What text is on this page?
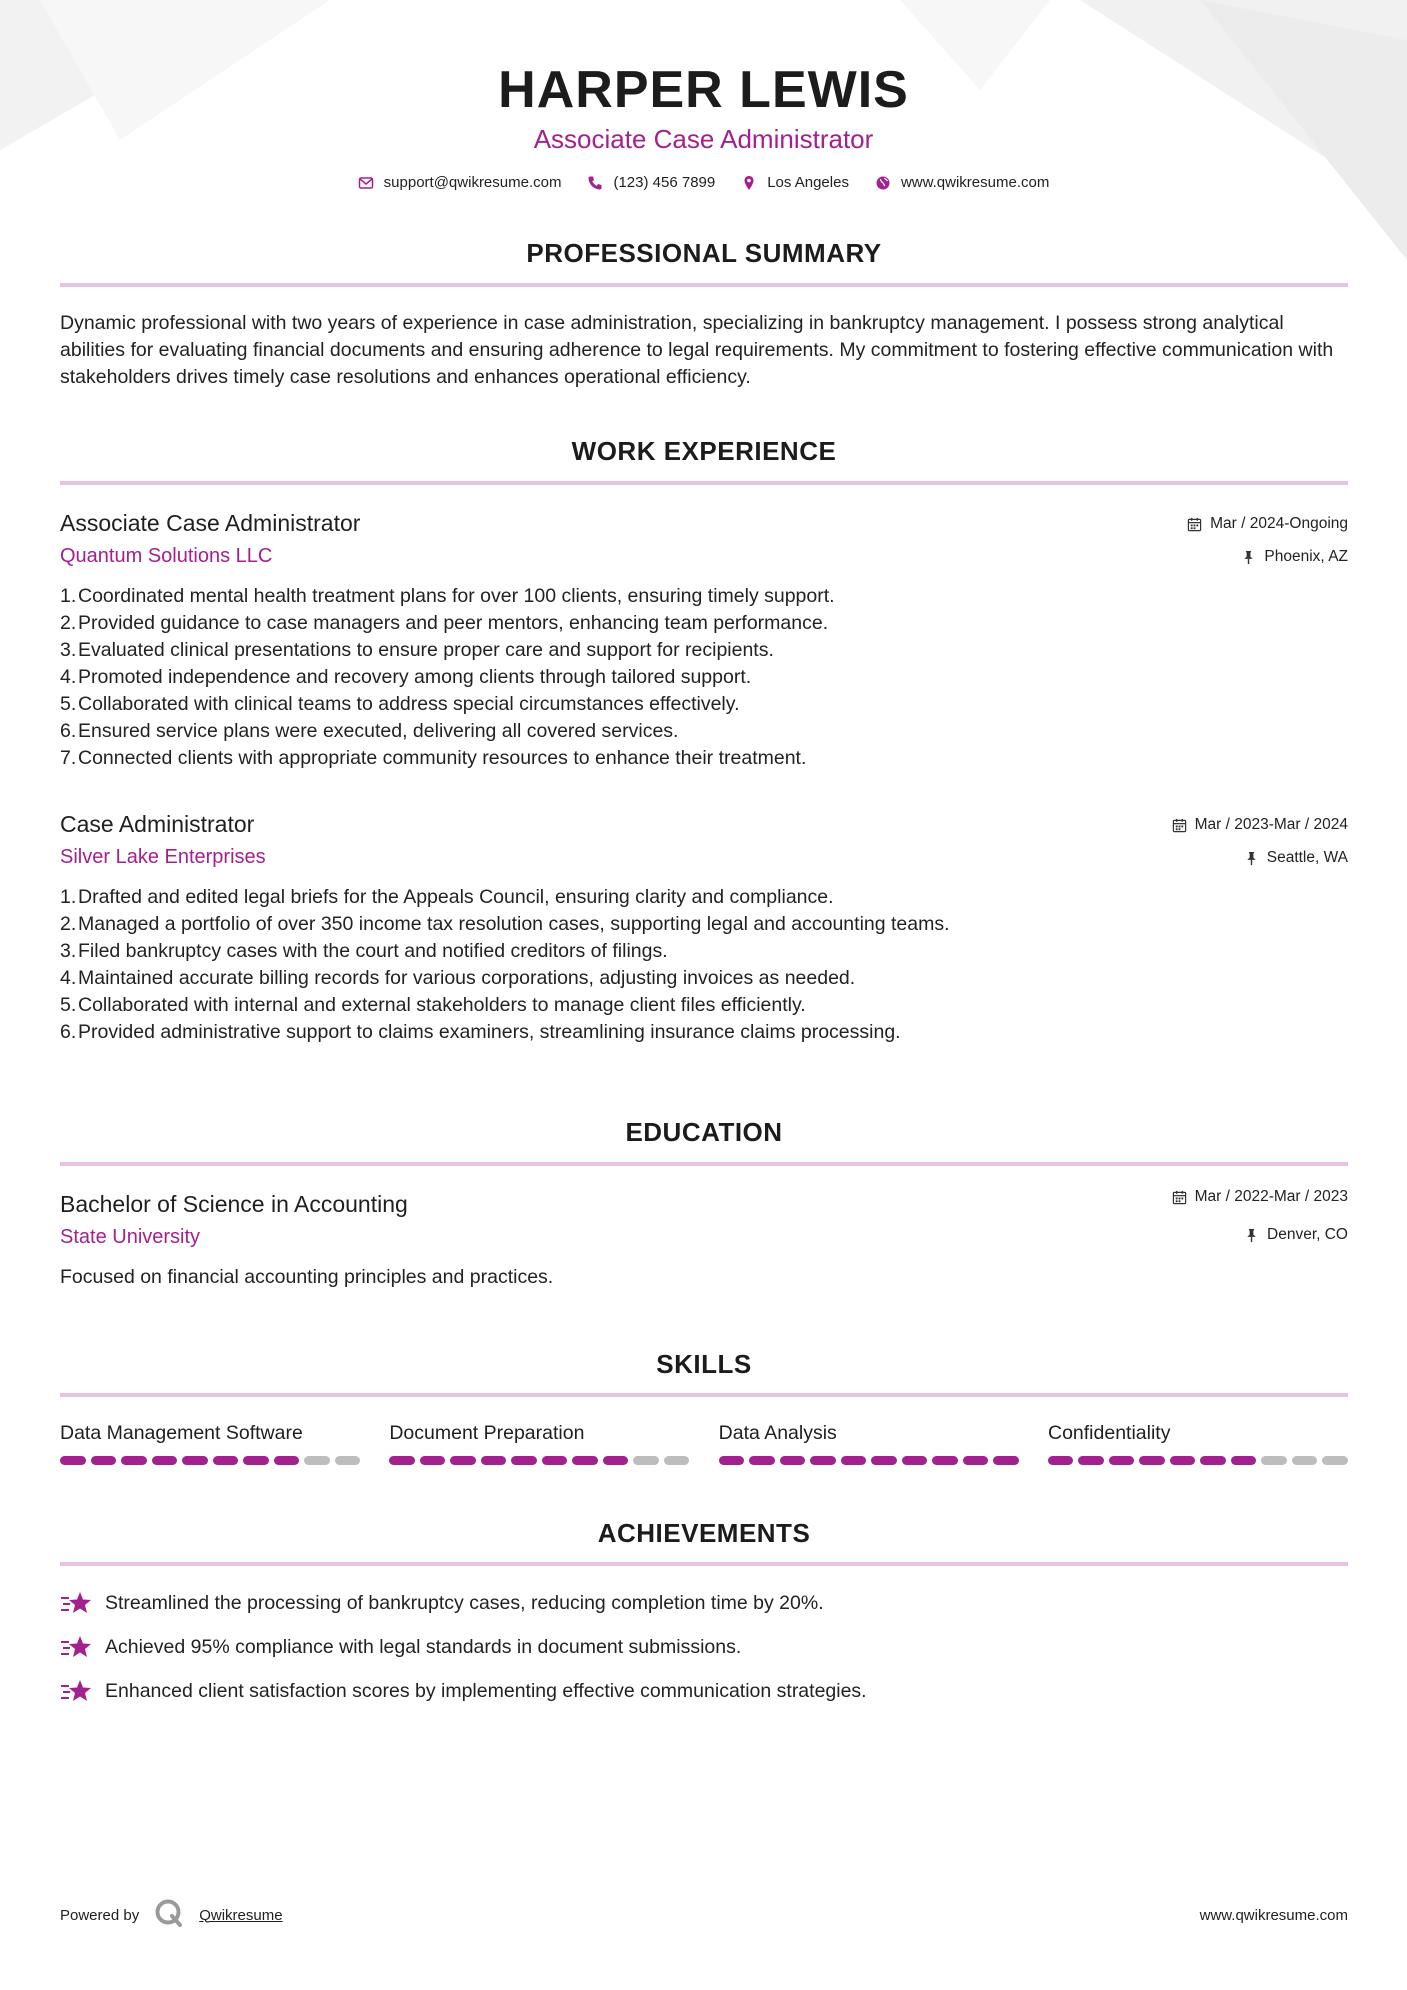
HARPER LEWIS
Associate Case Administrator
support@qwikresume.com	(123) 456 7899	Los Angeles	www.qwikresume.com
PROFESSIONAL SUMMARY
Dynamic professional with two years of experience in case administration, specializing in bankruptcy management. I possess strong analytical abilities for evaluating financial documents and ensuring adherence to legal requirements. My commitment to fostering effective communication with stakeholders drives timely case resolutions and enhances operational efficiency.
WORK EXPERIENCE
Associate Case Administrator
Quantum Solutions LLC
Mar / 2024-Ongoing
Phoenix, AZ
1. Coordinated mental health treatment plans for over 100 clients, ensuring timely support.
2. Provided guidance to case managers and peer mentors, enhancing team performance.
3. Evaluated clinical presentations to ensure proper care and support for recipients.
4. Promoted independence and recovery among clients through tailored support.
5. Collaborated with clinical teams to address special circumstances effectively.
6. Ensured service plans were executed, delivering all covered services.
7. Connected clients with appropriate community resources to enhance their treatment.
Case Administrator
Silver Lake Enterprises
Mar / 2023-Mar / 2024
Seattle, WA
1. Drafted and edited legal briefs for the Appeals Council, ensuring clarity and compliance.
2. Managed a portfolio of over 350 income tax resolution cases, supporting legal and accounting teams.
3. Filed bankruptcy cases with the court and notified creditors of filings.
4. Maintained accurate billing records for various corporations, adjusting invoices as needed.
5. Collaborated with internal and external stakeholders to manage client files efficiently.
6. Provided administrative support to claims examiners, streamlining insurance claims processing.
EDUCATION
Bachelor of Science in Accounting
State University
Mar / 2022-Mar / 2023
Denver, CO
Focused on financial accounting principles and practices.
SKILLS
Data Management Software	Document Preparation	Data Analysis	Confidentiality
ACHIEVEMENTS
Streamlined the processing of bankruptcy cases, reducing completion time by 20%.
Achieved 95% compliance with legal standards in document submissions.
Enhanced client satisfaction scores by implementing effective communication strategies.
Powered by	Qwikresume	www.qwikresume.com
